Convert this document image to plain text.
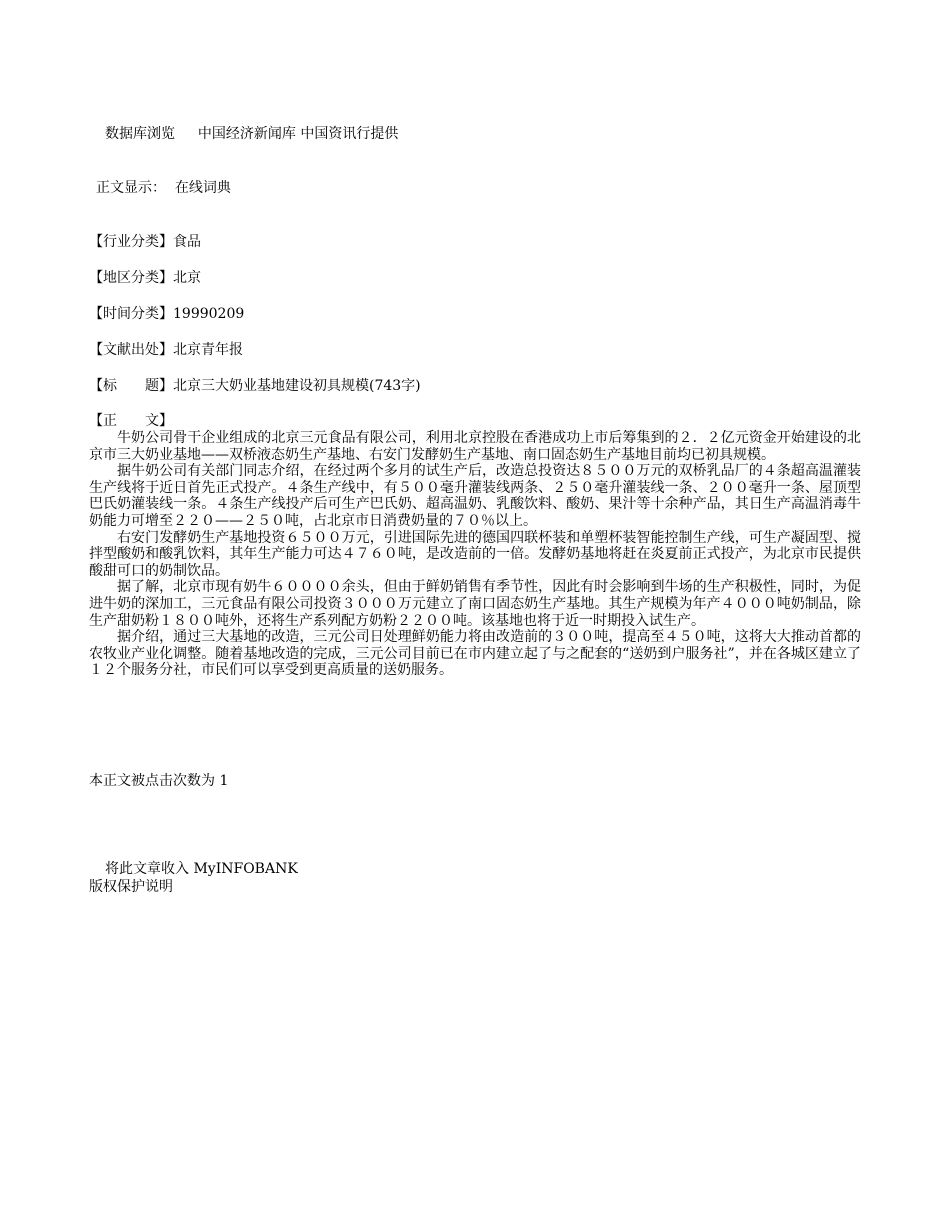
数据库浏览　 中国经济新闻库 中国资讯行提供
正文显示： 在线词典
【行业分类】食品
【地区分类】北京
【时间分类】19990209
【文献出处】北京青年报
【标　　题】北京三大奶业基地建设初具规模(743字)
【正　　文】

牛奶公司骨干企业组成的北京三元食品有限公司，利用北京控股在香港成功上市后筹集到的２．２亿元资金开始建设的北京市三大奶业基地——双桥液态奶生产基地、右安门发酵奶生产基地、南口固态奶生产基地目前均已初具规模。

据牛奶公司有关部门同志介绍，在经过两个多月的试生产后，改造总投资达８５００万元的双桥乳品厂的４条超高温灌装生产线将于近日首先正式投产。４条生产线中，有５００毫升灌装线两条、２５０毫升灌装线一条、２００毫升一条、屋顶型巴氏奶灌装线一条。４条生产线投产后可生产巴氏奶、超高温奶、乳酸饮料、酸奶、果汁等十余种产品，其日生产高温消毒牛奶能力可增至２２０——２５０吨，占北京市日消费奶量的７０％以上。

右安门发酵奶生产基地投资６５００万元，引进国际先进的德国四联杯装和单塑杯装智能控制生产线，可生产凝固型、搅拌型酸奶和酸乳饮料，其年生产能力可达４７６０吨，是改造前的一倍。发酵奶基地将赶在炎夏前正式投产，为北京市民提供酸甜可口的奶制饮品。

据了解，北京市现有奶牛６００００余头，但由于鲜奶销售有季节性，因此有时会影响到牛场的生产积极性，同时，为促进牛奶的深加工，三元食品有限公司投资３０００万元建立了南口固态奶生产基地。其生产规模为年产４０００吨奶制品，除生产甜奶粉１８００吨外，还将生产系列配方奶粉２２００吨。该基地也将于近一时期投入试生产。

据介绍，通过三大基地的改造，三元公司日处理鲜奶能力将由改造前的３００吨，提高至４５０吨，这将大大推动首都的农牧业产业化调整。随着基地改造的完成，三元公司目前已在市内建立起了与之配套的“送奶到户服务社”，并在各城区建立了１２个服务分社，市民们可以享受到更高质量的送奶服务。

本正文被点击次数为 1
将此文章收入 MyINFOBANK
版权保护说明
